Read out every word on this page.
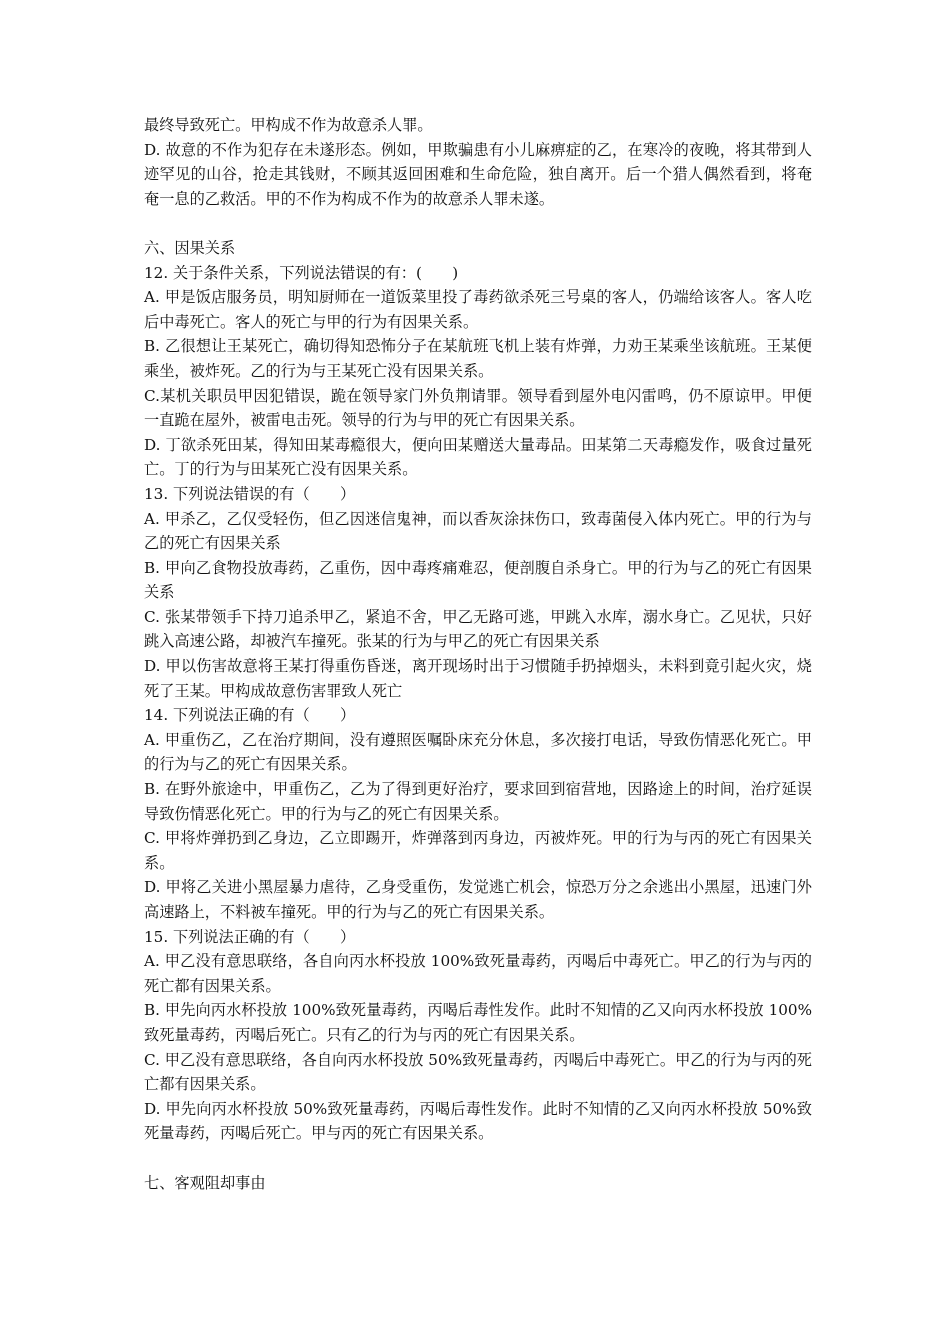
最终导致死亡。甲构成不作为故意杀人罪。

D. 故意的不作为犯存在未遂形态。例如，甲欺骗患有小儿麻痹症的乙，在寒冷的夜晚，将其带到人迹罕见的山谷，抢走其钱财，不顾其返回困难和生命危险，独自离开。后一个猎人偶然看到，将奄奄一息的乙救活。甲的不作为构成不作为的故意杀人罪未遂。

六、因果关系

12. 关于条件关系，下列说法错误的有：(　　)

A. 甲是饭店服务员，明知厨师在一道饭菜里投了毒药欲杀死三号桌的客人，仍端给该客人。客人吃后中毒死亡。客人的死亡与甲的行为有因果关系。

B. 乙很想让王某死亡，确切得知恐怖分子在某航班飞机上装有炸弹，力劝王某乘坐该航班。王某便乘坐，被炸死。乙的行为与王某死亡没有因果关系。

C.某机关职员甲因犯错误，跪在领导家门外负荆请罪。领导看到屋外电闪雷鸣，仍不原谅甲。甲便一直跪在屋外，被雷电击死。领导的行为与甲的死亡有因果关系。

D. 丁欲杀死田某，得知田某毒瘾很大，便向田某赠送大量毒品。田某第二天毒瘾发作，吸食过量死亡。丁的行为与田某死亡没有因果关系。

13. 下列说法错误的有（　　）

A. 甲杀乙，乙仅受轻伤，但乙因迷信鬼神，而以香灰涂抹伤口，致毒菌侵入体内死亡。甲的行为与乙的死亡有因果关系

B. 甲向乙食物投放毒药，乙重伤，因中毒疼痛难忍，便剖腹自杀身亡。甲的行为与乙的死亡有因果关系

C. 张某带领手下持刀追杀甲乙，紧追不舍，甲乙无路可逃，甲跳入水库，溺水身亡。乙见状，只好跳入高速公路，却被汽车撞死。张某的行为与甲乙的死亡有因果关系

D. 甲以伤害故意将王某打得重伤昏迷，离开现场时出于习惯随手扔掉烟头，未料到竟引起火灾，烧死了王某。甲构成故意伤害罪致人死亡

14. 下列说法正确的有（　　）

A. 甲重伤乙，乙在治疗期间，没有遵照医嘱卧床充分休息，多次接打电话，导致伤情恶化死亡。甲的行为与乙的死亡有因果关系。

B. 在野外旅途中，甲重伤乙，乙为了得到更好治疗，要求回到宿营地，因路途上的时间，治疗延误导致伤情恶化死亡。甲的行为与乙的死亡有因果关系。

C. 甲将炸弹扔到乙身边，乙立即踢开，炸弹落到丙身边，丙被炸死。甲的行为与丙的死亡有因果关系。

D. 甲将乙关进小黑屋暴力虐待，乙身受重伤，发觉逃亡机会，惊恐万分之余逃出小黑屋，迅速门外高速路上，不料被车撞死。甲的行为与乙的死亡有因果关系。

15. 下列说法正确的有（　　）

A. 甲乙没有意思联络，各自向丙水杯投放 100%致死量毒药，丙喝后中毒死亡。甲乙的行为与丙的死亡都有因果关系。

B. 甲先向丙水杯投放 100%致死量毒药，丙喝后毒性发作。此时不知情的乙又向丙水杯投放 100%致死量毒药，丙喝后死亡。只有乙的行为与丙的死亡有因果关系。

C. 甲乙没有意思联络，各自向丙水杯投放 50%致死量毒药，丙喝后中毒死亡。甲乙的行为与丙的死亡都有因果关系。

D. 甲先向丙水杯投放 50%致死量毒药，丙喝后毒性发作。此时不知情的乙又向丙水杯投放 50%致死量毒药，丙喝后死亡。甲与丙的死亡有因果关系。

七、客观阻却事由
